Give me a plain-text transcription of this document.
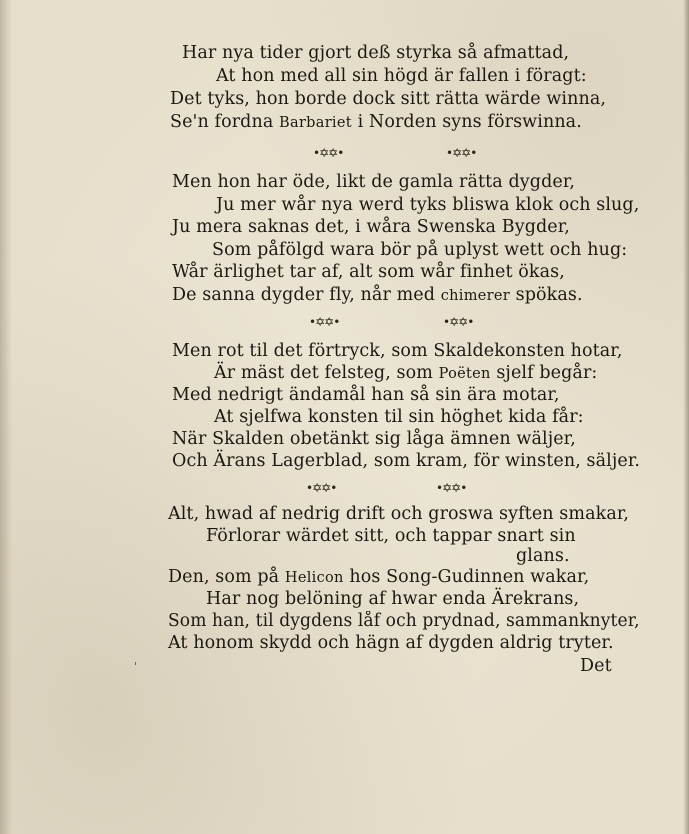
Har nya tider gjort deß styrka så afmattad,
At hon med all sin högd är fallen i föragt:
Det tyks, hon borde dock sitt rätta wärde winna,
Se'n fordna Barbariet i Norden syns förswinna.
•✡✡•	•✡✡•
Men hon har öde, likt de gamla rätta dygder,
Ju mer wår nya werd tyks bliswa klok och slug,
Ju mera saknas det, i wåra Swenska Bygder,
Som påfölgd wara bör på uplyst wett och hug:
Wår ärlighet tar af, alt som wår finhet ökas,
De sanna dygder fly, når med chimerer spökas.
•✡✡•	•✡✡•
Men rot til det förtryck, som Skaldekonsten hotar,
Är mäst det felsteg, som Poëten sjelf begår:
Med nedrigt ändamål han så sin ära motar,
At sjelfwa konsten til sin höghet kida får:
När Skalden obetänkt sig låga ämnen wäljer,
Och Ärans Lagerblad, som kram, för winsten, säljer.
•✡✡•	•✡✡•
Alt, hwad af nedrig drift och groswa syften smakar,
Förlorar wärdet sitt, och tappar snart sin
glans.
Den, som på Helicon hos Song-Gudinnen wakar,
Har nog belöning af hwar enda Ärekrans,
Som han, til dygdens låf och prydnad, sammanknyter,
At honom skydd och hägn af dygden aldrig tryter.
Det
'
